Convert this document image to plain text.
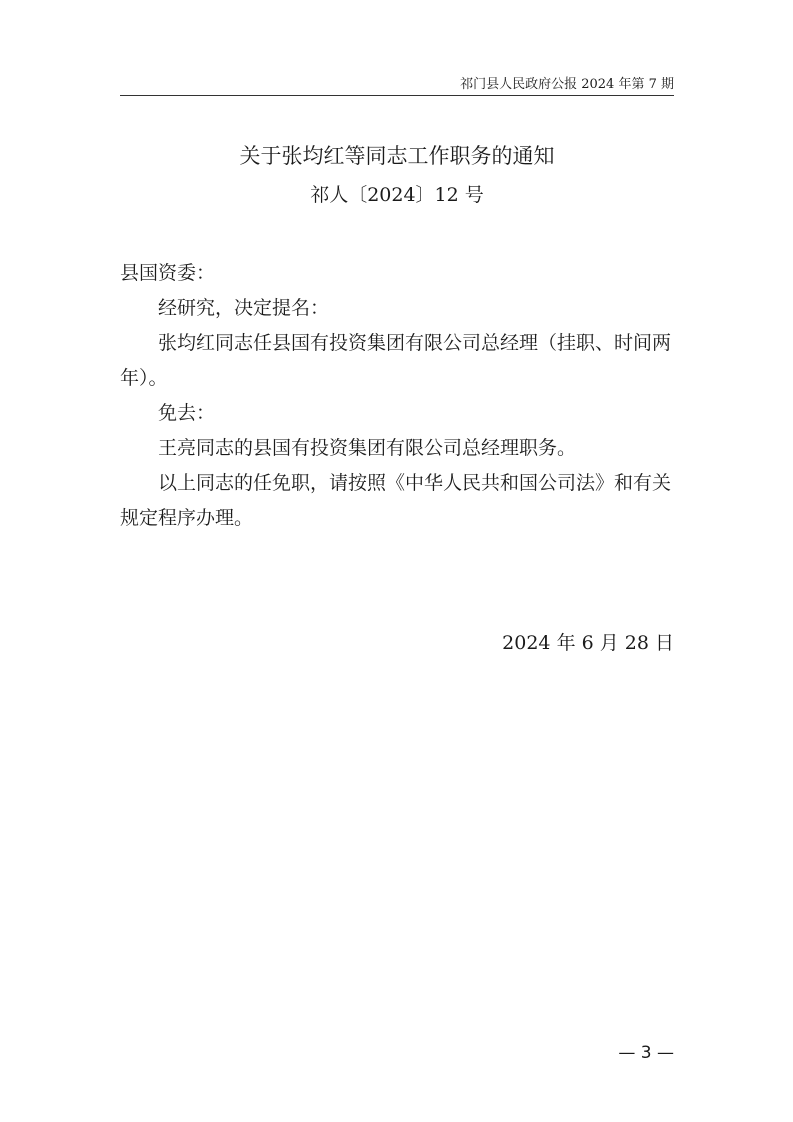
祁门县人民政府公报 2024 年第 7 期
关于张均红等同志工作职务的通知
祁人〔2024〕12 号

县国资委：

经研究，决定提名：

张均红同志任县国有投资集团有限公司总经理（挂职、时间两年）。

免去：

王亮同志的县国有投资集团有限公司总经理职务。

以上同志的任免职，请按照《中华人民共和国公司法》和有关规定程序办理。

2024 年 6 月 28 日
— 3 —
